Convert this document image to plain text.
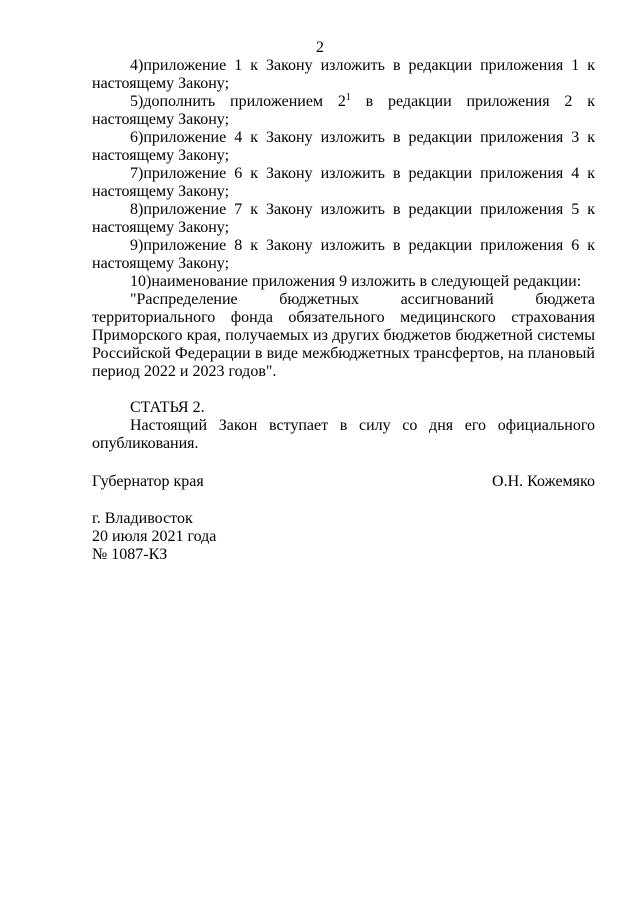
2

4)приложение 1 к Закону изложить в редакции приложения 1 к настоящему Закону;

5)дополнить приложением $2^1$ в редакции приложения 2 к настоящему Закону;

6)приложение 4 к Закону изложить в редакции приложения 3 к настоящему Закону;

7)приложение 6 к Закону изложить в редакции приложения 4 к настоящему Закону;

8)приложение 7 к Закону изложить в редакции приложения 5 к настоящему Закону;

9)приложение 8 к Закону изложить в редакции приложения 6 к настоящему Закону;

10)наименование приложения 9 изложить в следующей редакции:

"Распределение бюджетных ассигнований бюджета территориального фонда обязательного медицинского страхования Приморского края, получаемых из других бюджетов бюджетной системы Российской Федерации в виде межбюджетных трансфертов, на плановый период 2022 и 2023 годов".

СТАТЬЯ 2.

Настоящий Закон вступает в силу со дня его официального опубликования.

Губернатор края	О.Н. Кожемяко
г. Владивосток
20 июля 2021 года
№ 1087-КЗ
